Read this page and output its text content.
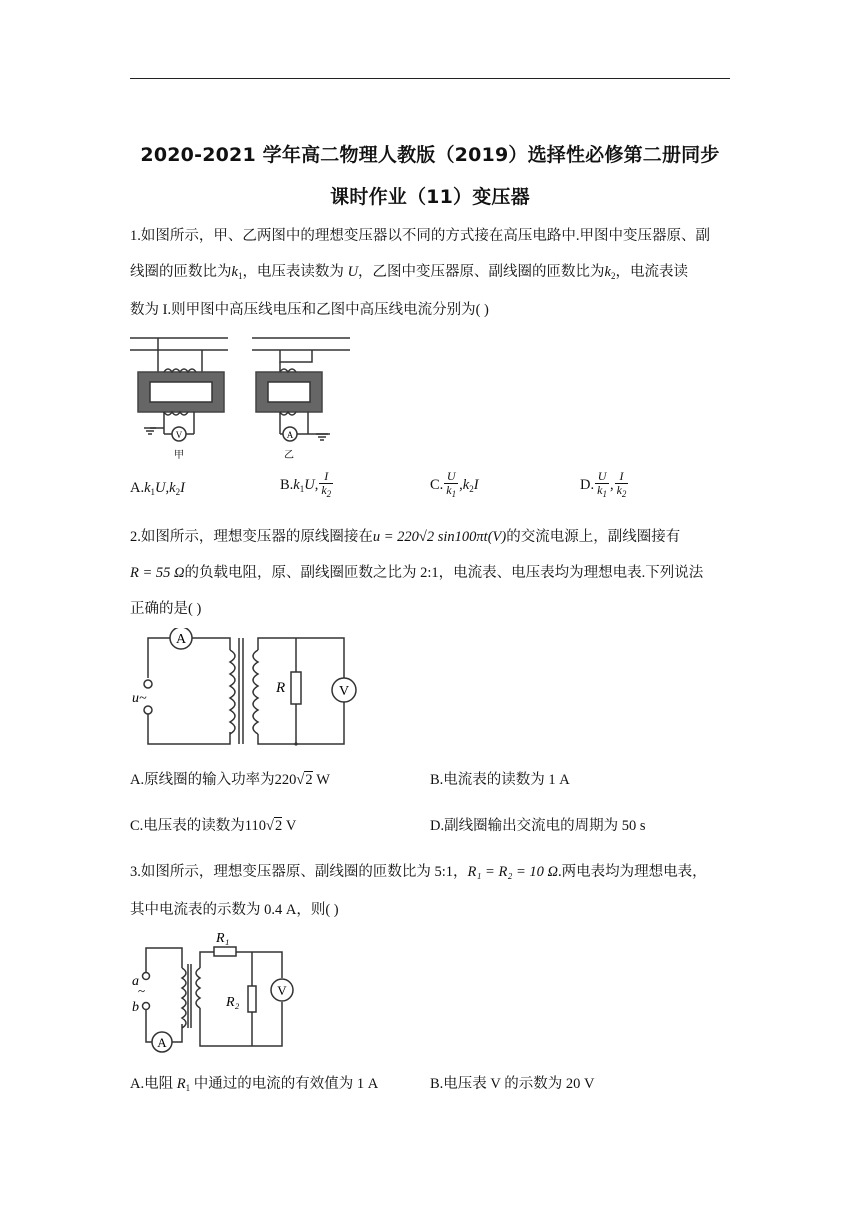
2020-2021 学年高二物理人教版（2019）选择性必修第二册同步
课时作业（11）变压器
1.如图所示，甲、乙两图中的理想变压器以不同的方式接在高压电路中.甲图中变压器原、副
线圈的匝数比为$k_1$，电压表读数为 U，乙图中变压器原、副线圈的匝数比为$k_2$，电流表读
数为 I.则甲图中高压线电压和乙图中高压线电流分别为( )
V
甲
A
乙
$A.k_1U,k_2I$	$B.k_1U$, $\frac{I}{k_2}$	C. $\frac{U}{k_1} ,k_2I$	D. $\frac{U}{k_1}$ , $\frac{I}{k_2}$
2.如图所示，理想变压器的原线圈接在u = 220√2 sin100πt(V)的交流电源上，副线圈接有
R = 55 Ω的负载电阻，原、副线圈匝数之比为 2:1，电流表、电压表均为理想电表.下列说法
正确的是( )
A
V
R
u~
A.原线圈的输入功率为220√2 W	B.电流表的读数为 1 A
C.电压表的读数为110√2 V	D.副线圈输出交流电的周期为 50 s
3.如图所示，理想变压器原、副线圈的匝数比为 5:1，R₁ = R₂ = 10 Ω.两电表均为理想电表，
其中电流表的示数为 0.4 A，则( )
A
V
R₁
R₂
a
~
b
A.电阻 $R_1$ 中通过的电流的有效值为 1 A	B.电压表 V 的示数为 20 V
